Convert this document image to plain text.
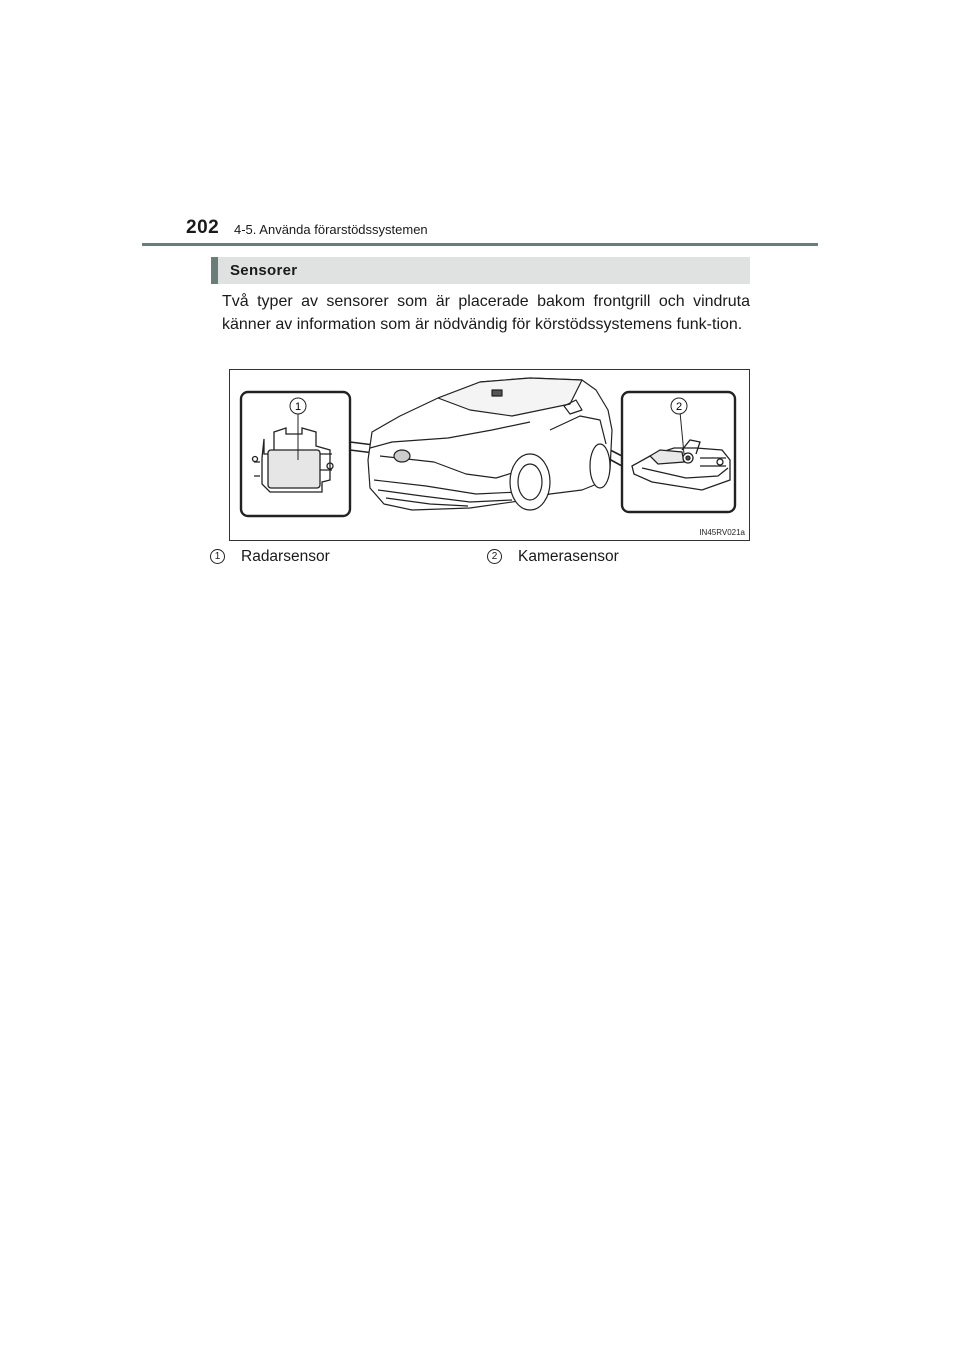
202 4-5. Använda förarstödssystemen
Sensorer
Två typer av sensorer som är placerade bakom frontgrill och vindruta känner av information som är nödvändig för körstödssystemens funk-tion.
1	2
IN45RV021a
1	Radarsensor	2	Kamerasensor
